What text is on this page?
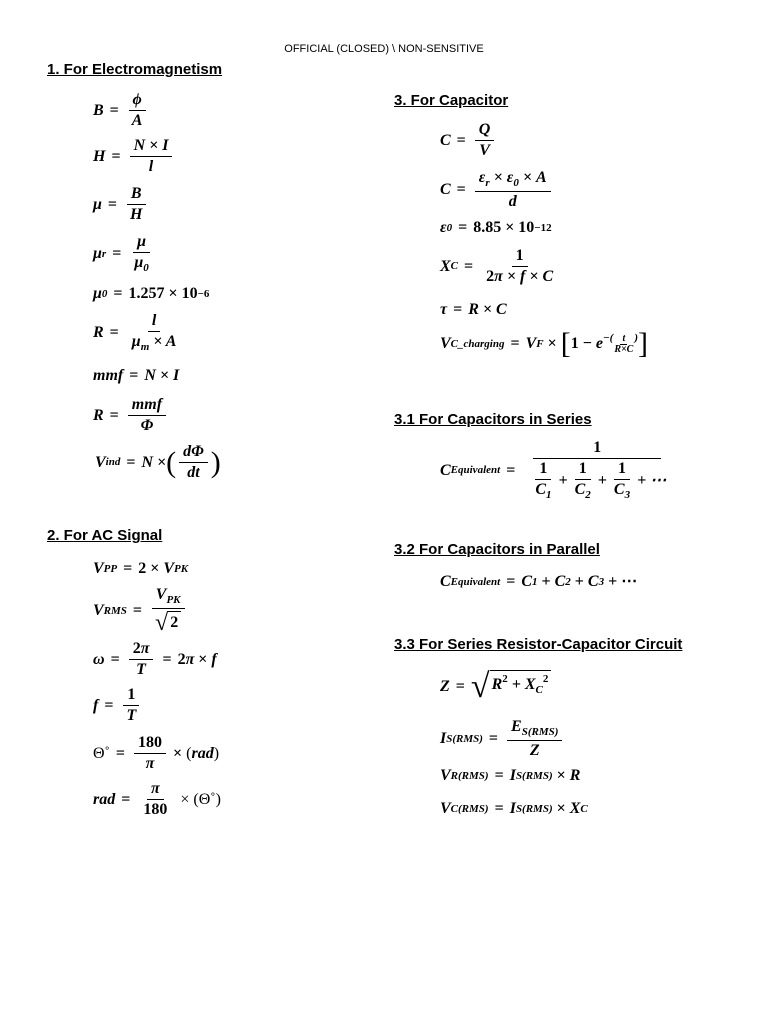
OFFICIAL (CLOSED) \ NON-SENSITIVE
1. For Electromagnetism
$B = \frac{\phi}{A}$
$H = \frac{N \times I}{l}$
$\mu = \frac{B}{H}$
μ $r = \frac{\mu}{\mu_0}$
μ 0 = 1.257 × 10 −6
$R = \frac{l}{\mu_m \times A}$
mmf = N × I
$R = \frac{\text{mmf}}{\Phi}$
V ind = N × ( $\frac{d\Phi}{dt}$ )
2. For AC Signal
V PP = 2 × V PK
V RMS = $\frac{V_{PK}}{√ 2}$
$\omega = \frac{2\pi}{T} = 2$ π × f
$f = \frac{1}{T}$
Θ˚ = $\frac{180}{\pi}$ × ( rad )
rad = $\frac{\pi}{180}$ × (Θ˚)
3. For Capacitor
$C = \frac{Q}{V}$
$C = \frac{\varepsilon_r \times \varepsilon_0 \times A}{d}$
ε 0 = 8.85 × 10 −12
X $C = \frac{1}{2\pi \times f \times C}$
τ = R × C
V C_charging = V F × [ 1 − e −( $\frac{t}{R\times C}$ ) ]
3.1 For Capacitors in Series
C Equivalent = $\frac{1}{\frac{1}{C_1} + \frac{1}{C_2} + \frac{1}{C_3} + \cdots}$
3.2 For Capacitors in Parallel
C Equivalent = C 1 + C 2 + C 3 + ⋯
3.3 For Series Resistor-Capacitor Circuit
Z = √ $R^2 + X_C^2$
I $S(RMS) = \frac{E_{S(RMS)}}{Z}$
V R(RMS) = I S(RMS) × R
V C(RMS) = I S(RMS) × X C
